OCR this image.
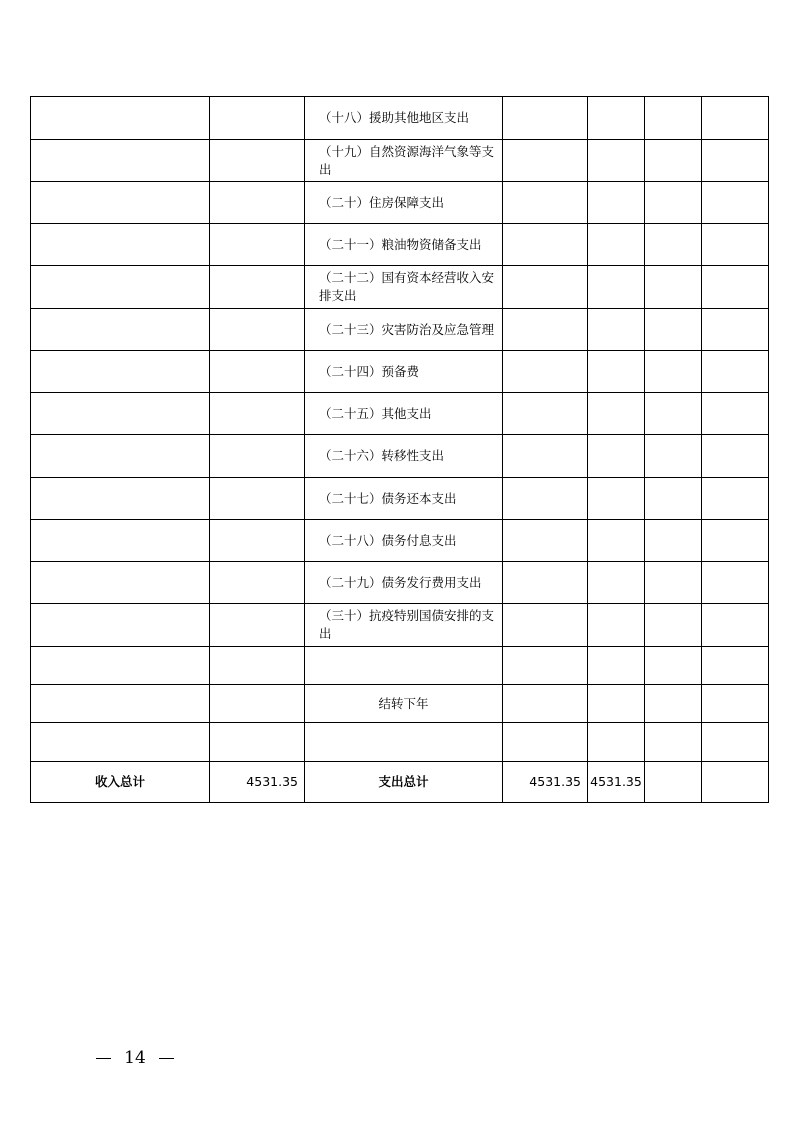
		（十八）援助其他地区支出				
		（十九）自然资源海洋气象等支出				
		（二十）住房保障支出				
		（二十一）粮油物资储备支出				
		（二十二）国有资本经营收入安排支出				
		（二十三）灾害防治及应急管理				
		（二十四）预备费				
		（二十五）其他支出				
		（二十六）转移性支出				
		（二十七）债务还本支出				
		（二十八）债务付息支出				
		（二十九）债务发行费用支出				
		（三十）抗疫特别国债安排的支出				

		结转下年				

收入总计	4531.35	支出总计	4531.35	4531.35		
14
